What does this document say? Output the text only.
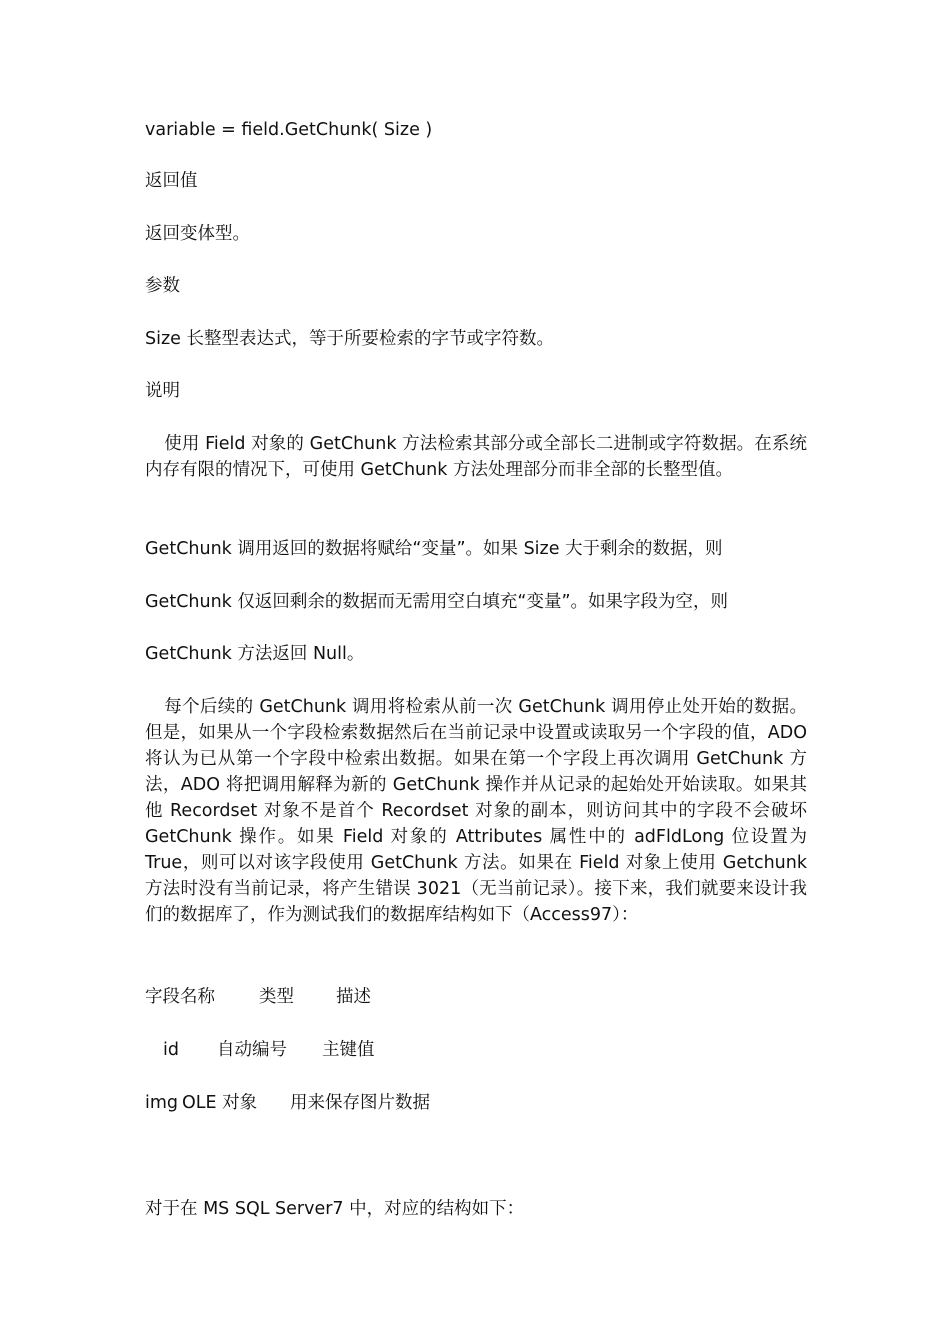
variable = field.GetChunk( Size )
返回值
返回变体型。
参数
Size 长整型表达式，等于所要检索的字节或字符数。
说明
使用 Field 对象的 GetChunk 方法检索其部分或全部长二进制或字符数据。在系统内存有限的情况下，可使用 GetChunk 方法处理部分而非全部的长整型值。
GetChunk 调用返回的数据将赋给“变量”。如果 Size 大于剩余的数据，则
GetChunk 仅返回剩余的数据而无需用空白填充“变量”。如果字段为空，则
GetChunk 方法返回 Null。
每个后续的 GetChunk 调用将检索从前一次 GetChunk 调用停止处开始的数据。但是，如果从一个字段检索数据然后在当前记录中设置或读取另一个字段的值，ADO 将认为已从第一个字段中检索出数据。如果在第一个字段上再次调用 GetChunk 方法，ADO 将把调用解释为新的 GetChunk 操作并从记录的起始处开始读取。如果其他 Recordset 对象不是首个 Recordset 对象的副本，则访问其中的字段不会破坏 GetChunk 操作。如果 Field 对象的 Attributes 属性中的 adFldLong 位设置为 True，则可以对该字段使用 GetChunk 方法。如果在 Field 对象上使用 Getchunk 方法时没有当前记录，将产生错误 3021（无当前记录）。接下来，我们就要来设计我们的数据库了，作为测试我们的数据库结构如下（Access97）：
字段名称	类型 描述
id 自动编号 主键值
img OLE 对象 用来保存图片数据
对于在 MS SQL Server7 中，对应的结构如下：
